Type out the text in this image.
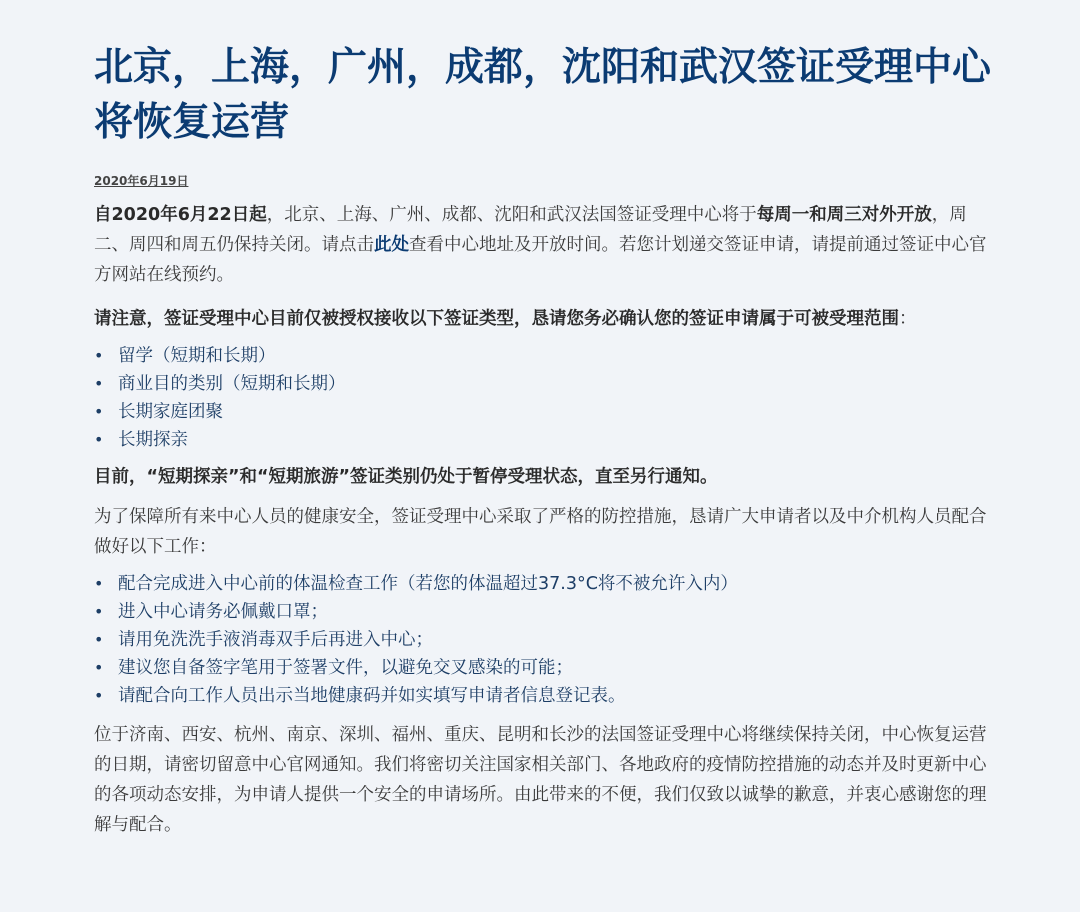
北京，上海，广州，成都，沈阳和武汉签证受理中心将恢复运营
2020年6月19日

自2020年6月22日起，北京、上海、广州、成都、沈阳和武汉法国签证受理中心将于每周一和周三对外开放，周二、周四和周五仍保持关闭。请点击此处查看中心地址及开放时间。若您计划递交签证申请，请提前通过签证中心官方网站在线预约。

请注意，签证受理中心目前仅被授权接收以下签证类型，恳请您务必确认您的签证申请属于可被受理范围：

• 留学（短期和长期）
• 商业目的类别（短期和长期）
• 长期家庭团聚
• 长期探亲

目前，“短期探亲”和“短期旅游”签证类别仍处于暂停受理状态，直至另行通知。

为了保障所有来中心人员的健康安全，签证受理中心采取了严格的防控措施，恳请广大申请者以及中介机构人员配合做好以下工作：

• 配合完成进入中心前的体温检查工作（若您的体温超过37.3°C将不被允许入内）
• 进入中心请务必佩戴口罩；
• 请用免洗洗手液消毒双手后再进入中心；
• 建议您自备签字笔用于签署文件，以避免交叉感染的可能；
• 请配合向工作人员出示当地健康码并如实填写申请者信息登记表。

位于济南、西安、杭州、南京、深圳、福州、重庆、昆明和长沙的法国签证受理中心将继续保持关闭，中心恢复运营的日期，请密切留意中心官网通知。我们将密切关注国家相关部门、各地政府的疫情防控措施的动态并及时更新中心的各项动态安排，为申请人提供一个安全的申请场所。由此带来的不便，我们仅致以诚挚的歉意，并衷心感谢您的理解与配合。
